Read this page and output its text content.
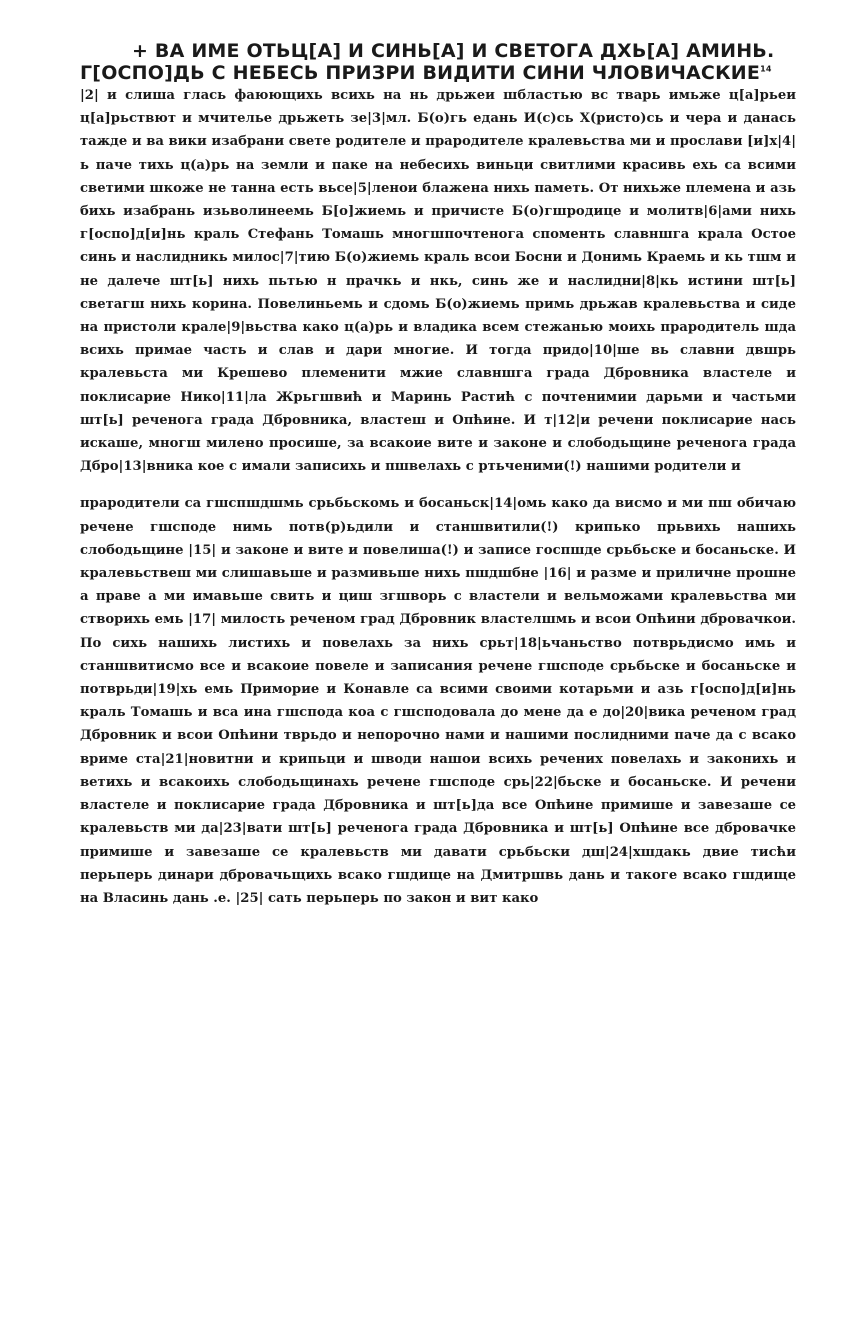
+ ВА ИМЕ ОТЬЦ[А] И СИНЬ[А] И СВЕТОГА ДХЬ[А] АМИНЬ.

Г[ОСПО]ДЬ С НЕБЕСЬ ПРИЗРИ ВИДИТИ СИНИ ЧЛОВИЧАСКИЕ$^{14}$

|2| и слиша глась фаюющихь всихь на нь дрьжеи шбластью вс тварь имьже ц[а]рьеи ц[а]рьствют и мчителье дрьжеть зе|3|мл. Б(о)гь едань И(с)сь Х(ристо)сь и чера и данась тажде и ва вики изабрани свете родителе и прародителе кралевьства ми и прослави [и]х|4|ь паче тихь ц(а)рь на земли и паке на небесихь виньци свитлими красивь ехь са всими светими шкоже не танна есть вьсе|5|ленои блажена нихь паметь. От нихьже племена и азь бихь изабрань изьволинеемь Б[о]жиемь и причисте Б(о)гшродице и молитв|6|ами нихь г[оспо]д[и]нь краль Стефань Томашь многшпочтеногa споменть славншга крала Остое синь и наслидникь милос|7|тию Б(о)жиемь краль всои Босни и Донимь Краемь и кь тшм и не далече шт[ь] нихь пьтью н прачкь и нкь, синь же и наслидни|8|кь истини шт[ь] светагш нихь корина. Повелиньемь и сдомь Б(о)жиемь примь дрьжав кралевьства и сиде на пристоли крале|9|вьства како ц(а)рь и владика всем стежанью моихь прародитель шда всихь примае часть и слав и дари многие. И тогда придо|10|ше вь славни двшрь кралевьста ми Крешево племенити мжие славншга града Дбровника властеле и поклисарие Нико|11|ла Жрьгшвић и Маринь Растић с почтенимии дарьми и частьми шт[ь] реченога града Дбровника, властеш и Опћине. И т|12|и речени поклисарие нась искаше, многш милено просише, за всакоие вите и законе и слободьщине реченога града Дбро|13|вника кое с имали записихь и пшвелахь с ртьченими(!) нашими родители и

прародители са гшспшдшмь срьбьскомь и босаньск|14|омь како да висмо и ми пш обичаю речене гшсподе нимь потв(р)ьдили и станшвитили(!) крипько прьвихь нашихь слободьщине |15| и законе и вите и повелиша(!) и записе госпшде срьбьске и босаньске. И кралевьствеш ми слишавьше и размивьше нихь пшдшбне |16| и разме и приличне прошне а праве а ми имавьше свить и циш згшворь с властели и вельможами кралевьства ми створихь емь |17| милость реченом град Дбровник властелшмь и всои Опћини дбровачкои. По сихь нашихь листихь и повелахь за нихь срьт|18|ьчаньство потврьдисмо имь и станшвитисмо все и всакоие повеле и записания речене гшсподе срьбьске и босаньске и потврьди|19|хь емь Приморие и Конавле са всими своими котарьми и азь г[оспо]д[и]нь краль Томашь и вса ина гшспода коа с гшсподовала до мене да е до|20|вика реченом град Дбровник и всои Опћини тврьдо и непорочно нами и нашими послидними паче да с всако вриме ста|21|новитни и крипьци и шводи нашои всихь речених повелахь и законихь и ветихь и всакоихь слободьщинахь речене гшсподе срь|22|бьске и босаньске. И речени властеле и поклисарие града Дбровника и шт[ь]да все Опћине примише и завезаше се кралевьств ми да|23|вати шт[ь] реченога града Дбровника и шт[ь] Опћине все дбровачке примише и завезаше се кралевьств ми давати срьбьски дш|24|хшдакь двие тисћи перьперь динари дбровачьщихь всако гшдище на Дмитршвь дань и такоге всако гшдище на Власинь дань .е. |25| сать перьперь по закон и вит како
